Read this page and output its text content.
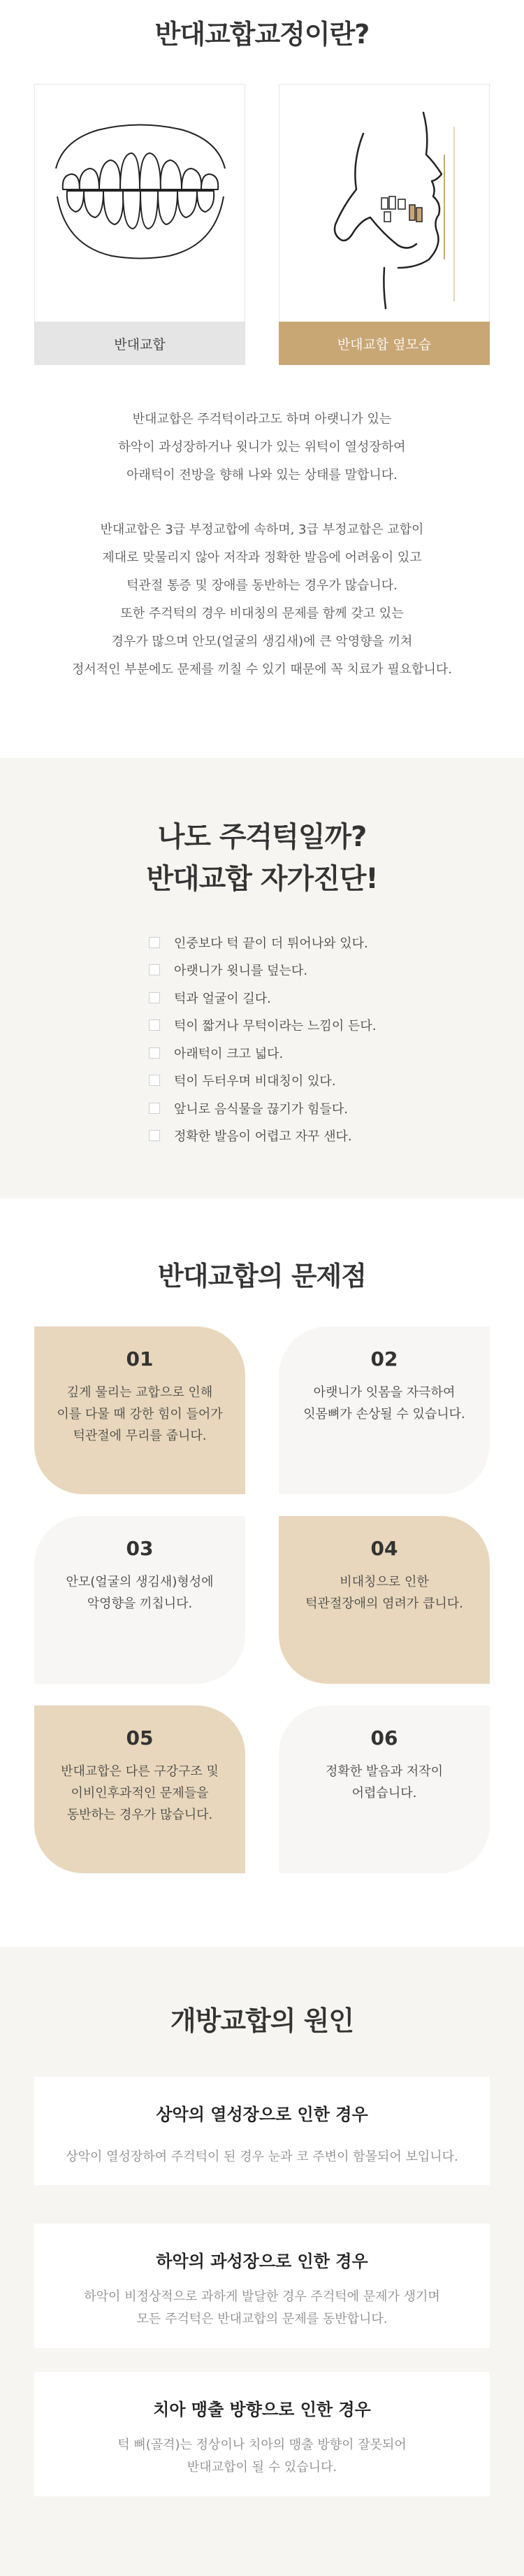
반대교합교정이란?
반대교합	반대교합 옆모습

반대교합은 주걱턱이라고도 하며 아랫니가 있는

하악이 과성장하거나 윗니가 있는 위턱이 열성장하여

아래턱이 전방을 향해 나와 있는 상태를 말합니다.

반대교합은 3급 부정교합에 속하며, 3급 부정교합은 교합이

제대로 맞물리지 않아 저작과 정확한 발음에 어려움이 있고

턱관절 통증 및 장애를 동반하는 경우가 많습니다.

또한 주걱턱의 경우 비대칭의 문제를 함께 갖고 있는

경우가 많으며 안모(얼굴의 생김새)에 큰 악영향을 끼쳐

정서적인 부분에도 문제를 끼칠 수 있기 때문에 꼭 치료가 필요합니다.

나도 주걱턱일까?
반대교합 자가진단!
인중보다 턱 끝이 더 튀어나와 있다.
아랫니가 윗니를 덮는다.
턱과 얼굴이 길다.
턱이 짧거나 무턱이라는 느낌이 든다.
아래턱이 크고 넓다.
턱이 두터우며 비대칭이 있다.
앞니로 음식물을 끊기가 힘들다.
정확한 발음이 어렵고 자꾸 샌다.
반대교합의 문제점
01
깊게 물리는 교합으로 인해
이를 다물 때 강한 힘이 들어가
턱관절에 무리를 줍니다.
02
아랫니가 잇몸을 자극하여
잇몸뼈가 손상될 수 있습니다.
03
안모(얼굴의 생김새)형성에
악영향을 끼칩니다.
04
비대칭으로 인한
턱관절장애의 염려가 큽니다.
05
반대교합은 다른 구강구조 및
이비인후과적인 문제들을
동반하는 경우가 많습니다.
06
정확한 발음과 저작이
어렵습니다.
개방교합의 원인
상악의 열성장으로 인한 경우
상악이 열성장하여 주걱턱이 된 경우 눈과 코 주변이 함몰되어 보입니다.
하악의 과성장으로 인한 경우
하악이 비정상적으로 과하게 발달한 경우 주걱턱에 문제가 생기며
모든 주걱턱은 반대교합의 문제를 동반합니다.
치아 맹출 방향으로 인한 경우
턱 뼈(골격)는 정상이나 치아의 맹출 방향이 잘못되어
반대교합이 될 수 있습니다.
